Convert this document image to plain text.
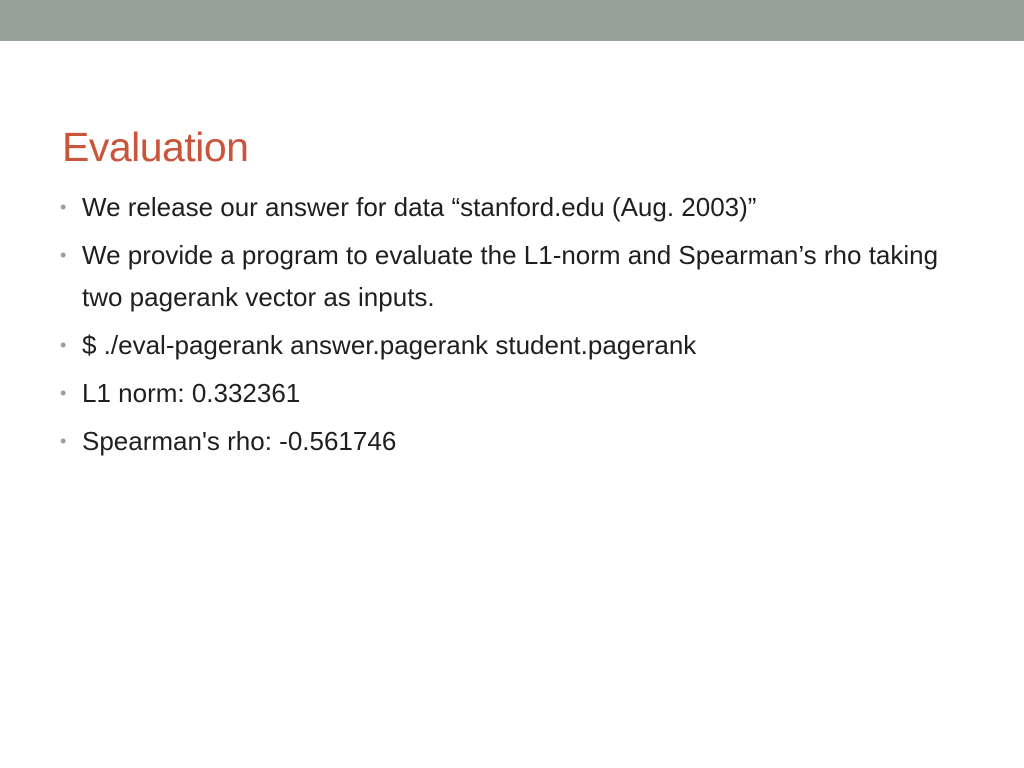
Evaluation
• We release our answer for data “stanford.edu (Aug. 2003)”
• We provide a program to evaluate the L1-norm and Spearman’s rho taking two pagerank vector as inputs.
• $ ./eval-pagerank answer.pagerank student.pagerank
• L1 norm: 0.332361
• Spearman's rho: -0.561746
